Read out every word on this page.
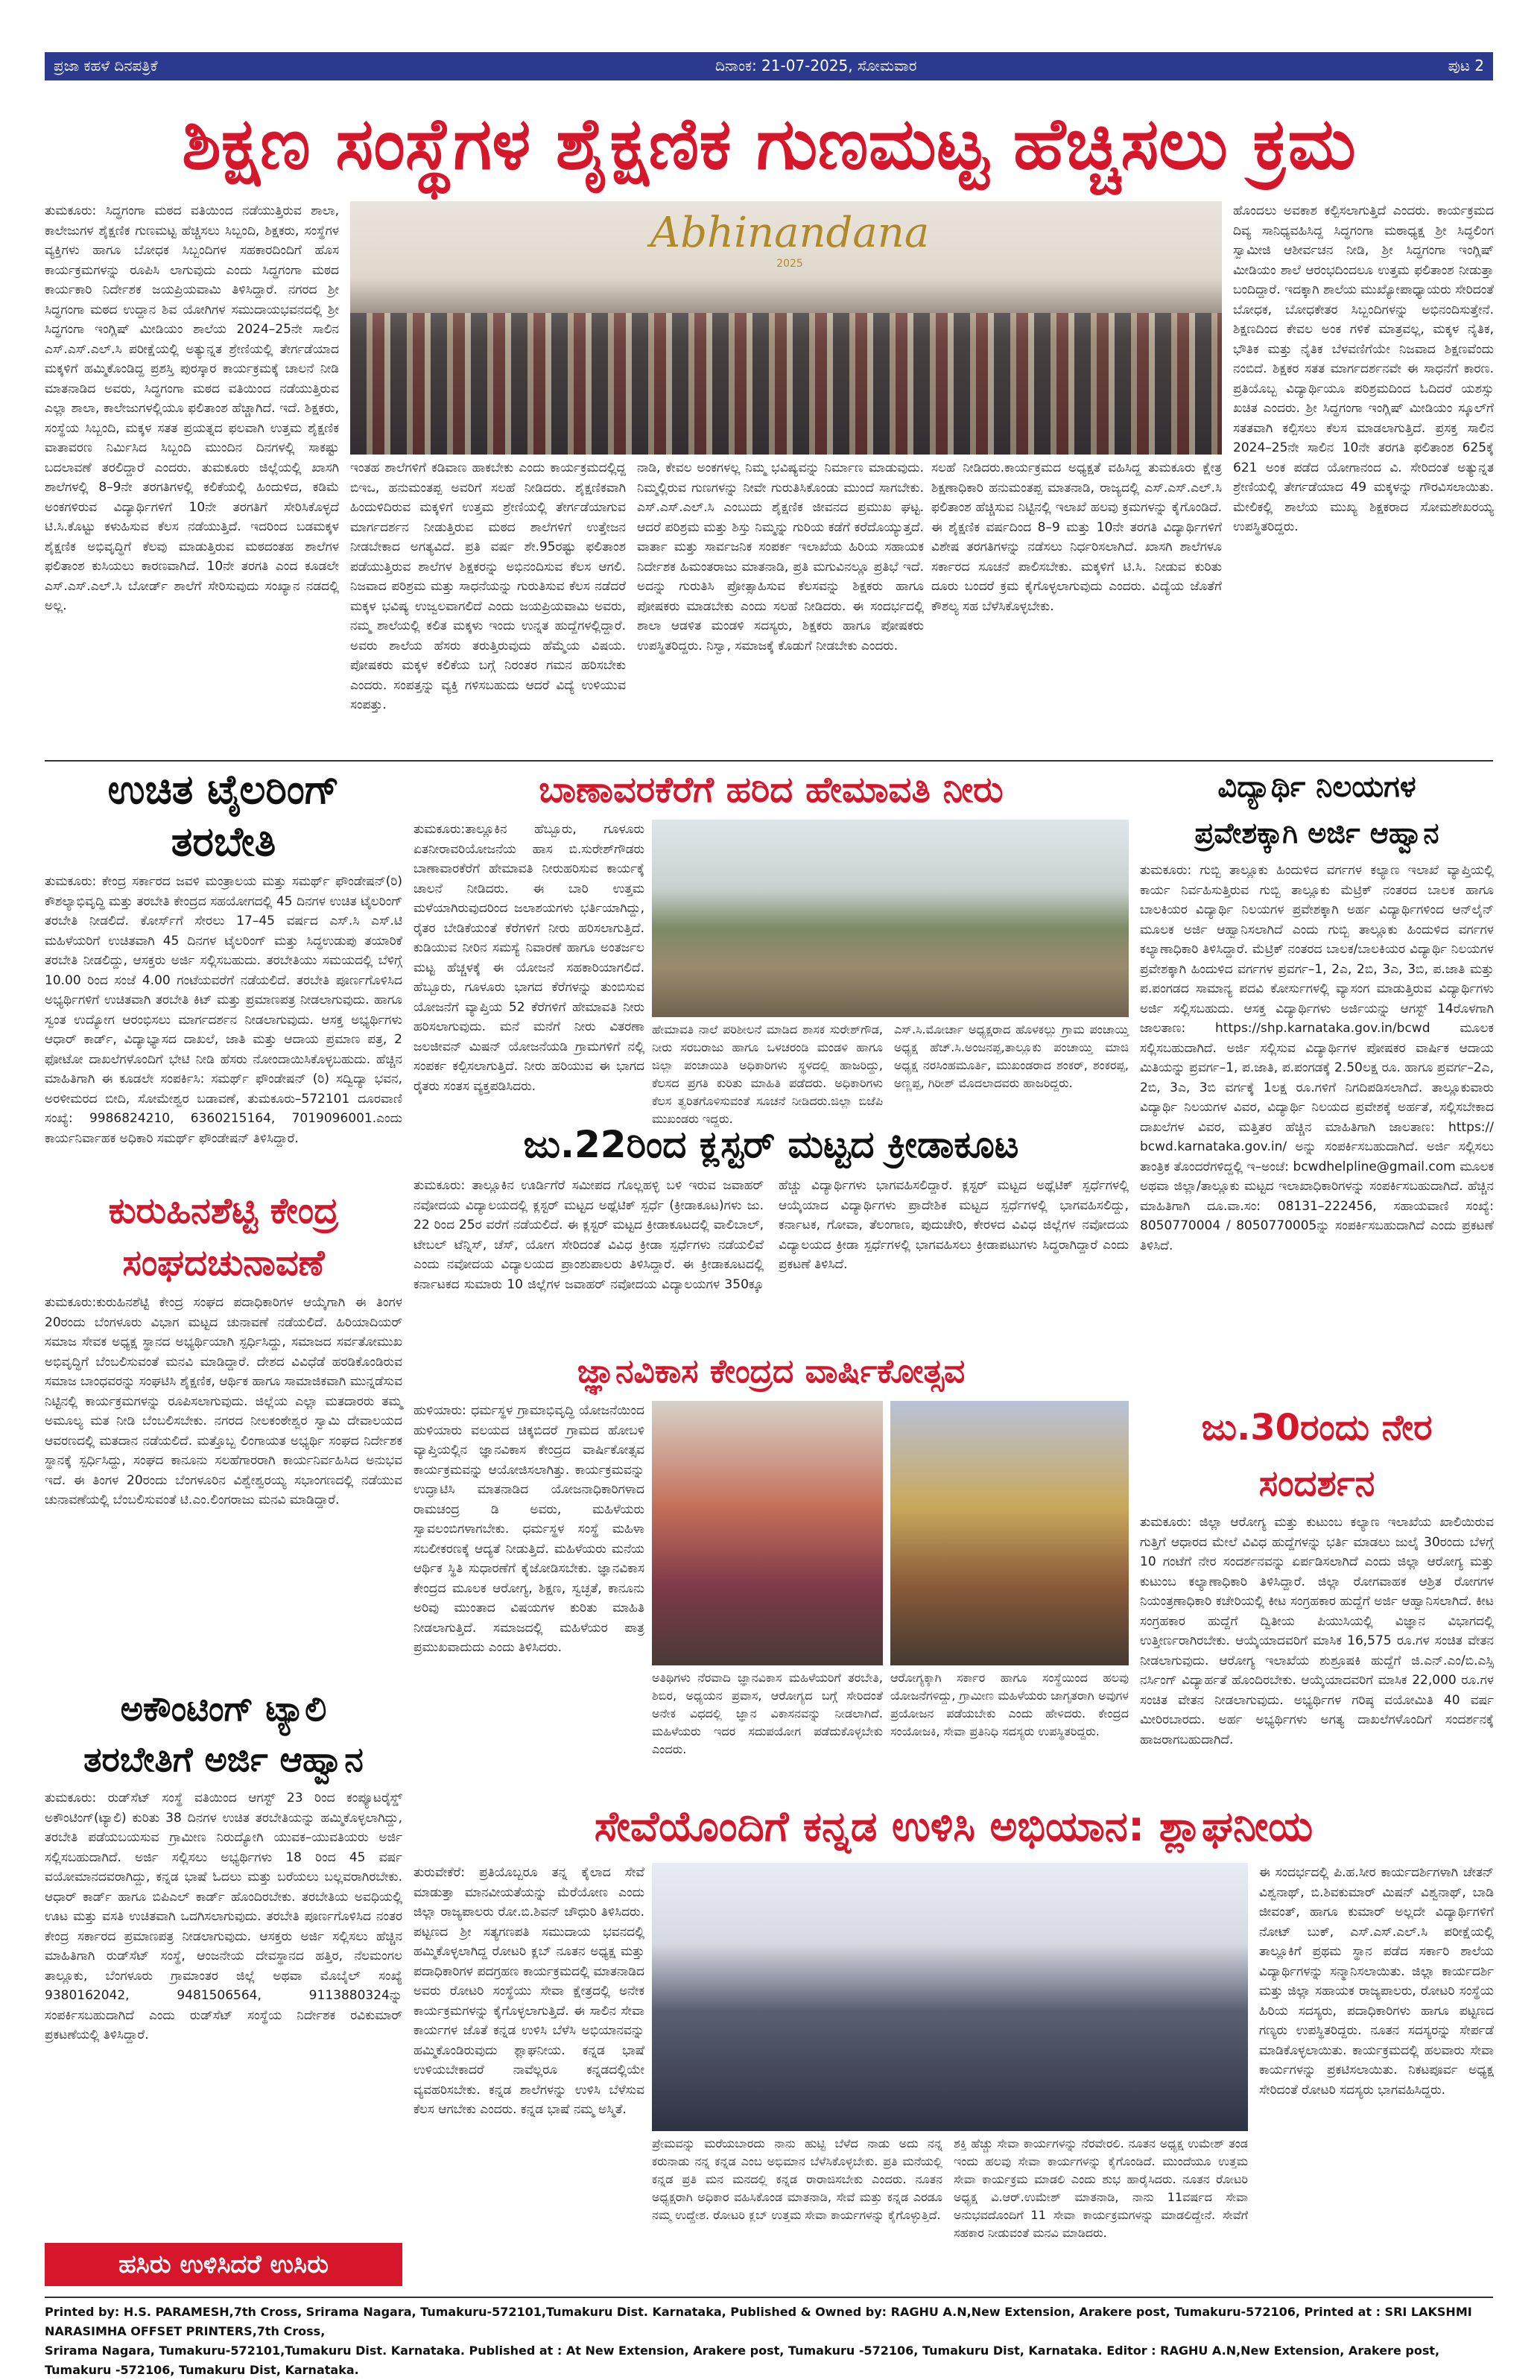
ಪ್ರಜಾ ಕಹಳೆ ದಿನಪತ್ರಿಕೆ	ದಿನಾಂಕ: 21-07-2025, ಸೋಮವಾರ	ಪುಟ 2
ಶಿಕ್ಷಣ ಸಂಸ್ಥೆಗಳ ಶೈಕ್ಷಣಿಕ ಗುಣಮಟ್ಟ ಹೆಚ್ಚಿಸಲು ಕ್ರಮ
ತುಮಕೂರು: ಸಿದ್ಧಗಂಗಾ ಮಠದ ವತಿಯಿಂದ ನಡೆಯುತ್ತಿರುವ ಶಾಲಾ, ಕಾಲೇಜುಗಳ ಶೈಕ್ಷಣಿಕ ಗುಣಮಟ್ಟ ಹೆಚ್ಚಿಸಲು ಸಿಬ್ಬಂದಿ, ಶಿಕ್ಷಕರು, ಸಂಸ್ಥೆಗಳ ವ್ಯಕ್ತಿಗಳು ಹಾಗೂ ಬೋಧಕ ಸಿಬ್ಬಂದಿಗಳ ಸಹಕಾರದಿಂದಿಗೆ ಹೊಸ ಕಾರ್ಯಕ್ರಮಗಳನ್ನು ರೂಪಿಸಿ ಲಾಗುವುದು ಎಂದು ಸಿದ್ಧಗಂಗಾ ಮಠದ ಕಾರ್ಯಕಾರಿ ನಿರ್ದೇಶಕ ಜಯಪ್ರಿಯವಾಮಿ ತಿಳಿಸಿದ್ದಾರೆ. ನಗರದ ಶ್ರೀ ಸಿದ್ಧಗಂಗಾ ಮಠದ ಉದ್ದಾನ ಶಿವ ಯೋಗಿಗಳ ಸಮುದಾಯಭವನದಲ್ಲಿ ಶ್ರೀ ಸಿದ್ಧಗಂಗಾ ಇಂಗ್ಲಿಷ್ ಮೀಡಿಯಂ ಶಾಲೆಯ 2024–25ನೇ ಸಾಲಿನ ಎಸ್.ಎಸ್.ಎಲ್.ಸಿ ಪರೀಕ್ಷೆಯಲ್ಲಿ ಅತ್ಯುನ್ನತ ಶ್ರೇಣಿಯಲ್ಲಿ ತೇರ್ಗಡೆಯಾದ ಮಕ್ಕಳಿಗೆ ಹಮ್ಮಿಕೊಂಡಿದ್ದ ಪ್ರಶಸ್ತಿ ಪುರಸ್ಕಾರ ಕಾರ್ಯಕ್ರಮಕ್ಕೆ ಚಾಲನೆ ನೀಡಿ ಮಾತನಾಡಿದ ಅವರು, ಸಿದ್ಧಗಂಗಾ ಮಠದ ವತಿಯಿಂದ ನಡೆಯುತ್ತಿರುವ ಎಲ್ಲಾ ಶಾಲಾ, ಕಾಲೇಜುಗಳಲ್ಲಿಯೂ ಫಲಿತಾಂಶ ಹೆಚ್ಚಾಗಿದೆ. ಇದೆ. ಶಿಕ್ಷಕರು, ಸಂಸ್ಥೆಯ ಸಿಬ್ಬಂದಿ, ಮಕ್ಕಳ ಸತತ ಪ್ರಯತ್ನದ ಫಲವಾಗಿ ಉತ್ತಮ ಶೈಕ್ಷಣಿಕ ವಾತಾವರಣ ನಿರ್ಮಿಸಿದ ಸಿಬ್ಬಂದಿ ಮುಂದಿನ ದಿನಗಳಲ್ಲಿ ಸಾಕಷ್ಟು ಬದಲಾವಣೆ ತರಲಿದ್ದಾರೆ ಎಂದರು. ತುಮಕೂರು ಜಿಲ್ಲೆಯಲ್ಲಿ ಖಾಸಗಿ ಶಾಲೆಗಳಲ್ಲಿ 8–9ನೇ ತರಗತಿಗಳಲ್ಲಿ ಕಲಿಕೆಯಲ್ಲಿ ಹಿಂದುಳಿದ, ಕಡಿಮೆ ಅಂಕಗಳಿರುವ ವಿದ್ಯಾರ್ಥಿಗಳಿಗೆ 10ನೇ ತರಗತಿಗೆ ಸೇರಿಸಿಕೊಳ್ಳದೆ ಟಿ.ಸಿ.ಕೊಟ್ಟು ಕಳುಹಿಸುವ ಕೆಲಸ ನಡೆಯುತ್ತಿದೆ. ಇದರಿಂದ ಬಡಮಕ್ಕಳ ಶೈಕ್ಷಣಿಕ ಅಭಿವೃದ್ಧಿಗೆ ಕೆಲವು ಮಾಡುತ್ತಿರುವ ಮಠದಂತಹ ಶಾಲೆಗಳ ಫಲಿತಾಂಶ ಕುಸಿಯಲು ಕಾರಣವಾಗಿದೆ. 10ನೇ ತರಗತಿ ಎಂದ ಕೂಡಲೇ ಎಸ್.ಎಸ್.ಎಲ್.ಸಿ ಬೋರ್ಡ್ ಶಾಲೆಗೆ ಸೇರಿಸುವುದು ಸಂಖ್ಯಾನ ನಡದಲ್ಲಿ ಅಲ್ಲ.
Abhinandana
2025
ಇಂತಹ ಶಾಲೆಗಳಿಗೆ ಕಡಿವಾಣ ಹಾಕಬೇಕು ಎಂದು ಕಾರ್ಯಕ್ರಮದಲ್ಲಿದ್ದ ಬಿಇಒ, ಹನುಮಂತಪ್ಪ ಅವರಿಗೆ ಸಲಹೆ ನೀಡಿದರು. ಶೈಕ್ಷಣಿಕವಾಗಿ ಹಿಂದುಳಿದಿರುವ ಮಕ್ಕಳಿಗೆ ಉತ್ತಮ ಶ್ರೇಣಿಯಲ್ಲಿ ತೇರ್ಗಡೆಯಾಗುವ ಮಾರ್ಗದರ್ಶನ ನೀಡುತ್ತಿರುವ ಮಠದ ಶಾಲೆಗಳಿಗೆ ಉತ್ತೇಜನ ನೀಡಬೇಕಾದ ಅಗತ್ಯವಿದೆ. ಪ್ರತಿ ವರ್ಷ ಶೇ.95ರಷ್ಟು ಫಲಿತಾಂಶ ಪಡೆಯುತ್ತಿರುವ ಶಾಲೆಗಳ ಶಿಕ್ಷಕರನ್ನು ಅಭಿನಂದಿಸುವ ಕೆಲಸ ಆಗಲಿ. ನಿಜವಾದ ಪರಿಶ್ರಮ ಮತ್ತು ಸಾಧನೆಯನ್ನು ಗುರುತಿಸುವ ಕೆಲಸ ನಡೆದರೆ ಮಕ್ಕಳ ಭವಿಷ್ಯ ಉಜ್ವಲವಾಗಲಿದೆ ಎಂದು ಜಯಪ್ರಿಯವಾಮಿ ಅವರು, ನಮ್ಮ ಶಾಲೆಯಲ್ಲಿ ಕಲಿತ ಮಕ್ಕಳು ಇಂದು ಉನ್ನತ ಹುದ್ದೆಗಳಲ್ಲಿದ್ದಾರೆ. ಅವರು ಶಾಲೆಯ ಹೆಸರು ತರುತ್ತಿರುವುದು ಹೆಮ್ಮೆಯ ವಿಷಯ. ಪೋಷಕರು ಮಕ್ಕಳ ಕಲಿಕೆಯ ಬಗ್ಗೆ ನಿರಂತರ ಗಮನ ಹರಿಸಬೇಕು ಎಂದರು. ಸಂಪತ್ತನ್ನು ವ್ಯಕ್ತಿ ಗಳಿಸಬಹುದು ಆದರೆ ವಿದ್ಯೆ ಉಳಿಯುವ ಸಂಪತ್ತು.
ನಾಡಿ, ಕೇವಲ ಅಂಕಗಳಲ್ಲ ನಿಮ್ಮ ಭವಿಷ್ಯವನ್ನು ನಿರ್ಮಾಣ ಮಾಡುವುದು. ನಿಮ್ಮಲ್ಲಿರುವ ಗುಣಗಳನ್ನು ನೀವೇ ಗುರುತಿಸಿಕೊಂಡು ಮುಂದೆ ಸಾಗಬೇಕು. ಎಸ್.ಎಸ್.ಎಲ್.ಸಿ ಎಂಬುದು ಶೈಕ್ಷಣಿಕ ಜೀವನದ ಪ್ರಮುಖ ಘಟ್ಟ. ಆದರೆ ಪರಿಶ್ರಮ ಮತ್ತು ಶಿಸ್ತು ನಿಮ್ಮನ್ನು ಗುರಿಯ ಕಡೆಗೆ ಕರೆದೊಯ್ಯುತ್ತದೆ. ವಾರ್ತಾ ಮತ್ತು ಸಾರ್ವಜನಿಕ ಸಂಪರ್ಕ ಇಲಾಖೆಯ ಹಿರಿಯ ಸಹಾಯಕ ನಿರ್ದೇಶಕ ಹಿಮಂತರಾಜು ಮಾತನಾಡಿ, ಪ್ರತಿ ಮಗುವಿನಲ್ಲೂ ಪ್ರತಿಭೆ ಇದೆ. ಅದನ್ನು ಗುರುತಿಸಿ ಪ್ರೋತ್ಸಾಹಿಸುವ ಕೆಲಸವನ್ನು ಶಿಕ್ಷಕರು ಹಾಗೂ ಪೋಷಕರು ಮಾಡಬೇಕು ಎಂದು ಸಲಹೆ ನೀಡಿದರು. ಈ ಸಂದರ್ಭದಲ್ಲಿ ಶಾಲಾ ಆಡಳಿತ ಮಂಡಳಿ ಸದಸ್ಯರು, ಶಿಕ್ಷಕರು ಹಾಗೂ ಪೋಷಕರು ಉಪಸ್ಥಿತರಿದ್ದರು. ನಿಸ್ವಾ, ಸಮಾಜಕ್ಕೆ ಕೊಡುಗೆ ನೀಡಬೇಕು ಎಂದರು.
ಸಲಹೆ ನೀಡಿದರು.ಕಾರ್ಯಕ್ರಮದ ಅಧ್ಯಕ್ಷತೆ ವಹಿಸಿದ್ದ ತುಮಕೂರು ಕ್ಷೇತ್ರ ಶಿಕ್ಷಣಾಧಿಕಾರಿ ಹನುಮಂತಪ್ಪ ಮಾತನಾಡಿ, ರಾಜ್ಯದಲ್ಲಿ ಎಸ್.ಎಸ್.ಎಲ್.ಸಿ ಫಲಿತಾಂಶ ಹೆಚ್ಚಿಸುವ ನಿಟ್ಟಿನಲ್ಲಿ ಇಲಾಖೆ ಹಲವು ಕ್ರಮಗಳನ್ನು ಕೈಗೊಂಡಿದೆ. ಈ ಶೈಕ್ಷಣಿಕ ವರ್ಷದಿಂದ 8–9 ಮತ್ತು 10ನೇ ತರಗತಿ ವಿದ್ಯಾರ್ಥಿಗಳಿಗೆ ವಿಶೇಷ ತರಗತಿಗಳನ್ನು ನಡೆಸಲು ನಿರ್ಧರಿಸಲಾಗಿದೆ. ಖಾಸಗಿ ಶಾಲೆಗಳೂ ಸರ್ಕಾರದ ಸೂಚನೆ ಪಾಲಿಸಬೇಕು. ಮಕ್ಕಳಿಗೆ ಟಿ.ಸಿ. ನೀಡುವ ಕುರಿತು ದೂರು ಬಂದರೆ ಕ್ರಮ ಕೈಗೊಳ್ಳಲಾಗುವುದು ಎಂದರು. ವಿದ್ಯೆಯ ಜೊತೆಗೆ ಕೌಶಲ್ಯ ಸಹ ಬೆಳೆಸಿಕೊಳ್ಳಬೇಕು.
ಹೊಂದಲು ಅವಕಾಶ ಕಲ್ಪಿಸಲಾಗುತ್ತಿದೆ ಎಂದರು. ಕಾರ್ಯಕ್ರಮದ ದಿವ್ಯ ಸಾನಿಧ್ಯವಹಿಸಿದ್ದ ಸಿದ್ಧಗಂಗಾ ಮಠಾಧ್ಯಕ್ಷ ಶ್ರೀ ಸಿದ್ಧಲಿಂಗ ಸ್ವಾಮೀಜಿ ಆಶೀರ್ವಚನ ನೀಡಿ, ಶ್ರೀ ಸಿದ್ಧಗಂಗಾ ಇಂಗ್ಲಿಷ್ ಮೀಡಿಯಂ ಶಾಲೆ ಆರಂಭದಿಂದಲೂ ಉತ್ತಮ ಫಲಿತಾಂಶ ನೀಡುತ್ತಾ ಬಂದಿದ್ದಾರೆ. ಇದಕ್ಕಾಗಿ ಶಾಲೆಯ ಮುಖ್ಯೋಪಾಧ್ಯಾಯರು ಸೇರಿದಂತೆ ಬೋಧಕ, ಬೋಧಕೇತರ ಸಿಬ್ಬಂದಿಗಳನ್ನು ಅಭಿನಂದಿಸುತ್ತೇನೆ. ಶಿಕ್ಷಣದಿಂದ ಕೇವಲ ಅಂಕ ಗಳಿಕೆ ಮಾತ್ರವಲ್ಲ, ಮಕ್ಕಳ ನೈತಿಕ, ಭೌತಿಕ ಮತ್ತು ನೈತಿಕ ಬೆಳವಣಿಗೆಯೇ ನಿಜವಾದ ಶಿಕ್ಷಣವೆಂದು ನಂಬಿದೆ. ಶಿಕ್ಷಕರ ಸತತ ಮಾರ್ಗದರ್ಶನವೇ ಈ ಸಾಧನೆಗೆ ಕಾರಣ. ಪ್ರತಿಯೊಬ್ಬ ವಿದ್ಯಾರ್ಥಿಯೂ ಪರಿಶ್ರಮದಿಂದ ಓದಿದರೆ ಯಶಸ್ಸು ಖಚಿತ ಎಂದರು. ಶ್ರೀ ಸಿದ್ಧಗಂಗಾ ಇಂಗ್ಲಿಷ್ ಮೀಡಿಯಂ ಸ್ಕೂಲ್‌ಗೆ ಸತತವಾಗಿ ಕಲ್ಪಿಸಲು ಕೆಲಸ ಮಾಡಲಾಗುತ್ತಿದೆ. ಪ್ರಸಕ್ತ ಸಾಲಿನ 2024–25ನೇ ಸಾಲಿನ 10ನೇ ತರಗತಿ ಫಲಿತಾಂಶ 625ಕ್ಕೆ 621 ಅಂಕ ಪಡೆದ ಯೋಗಾನಂದ ವಿ. ಸೇರಿದಂತೆ ಅತ್ಯುನ್ನತ ಶ್ರೇಣಿಯಲ್ಲಿ ತೇರ್ಗಡೆಯಾದ 49 ಮಕ್ಕಳನ್ನು ಗೌರವಿಸಲಾಯಿತು. ಮೇಲಿಕಲ್ಲಿ ಶಾಲೆಯ ಮುಖ್ಯ ಶಿಕ್ಷಕರಾದ ಸೋಮಶೇಖರಯ್ಯ ಉಪಸ್ಥಿತರಿದ್ದರು.
ಉಚಿತ ಟೈಲರಿಂಗ್
ತರಬೇತಿ
ತುಮಕೂರು: ಕೇಂದ್ರ ಸರ್ಕಾರದ ಜವಳಿ ಮಂತ್ರಾಲಯ ಮತ್ತು ಸಮರ್ಥ್ ಫೌಂಡೇಷನ್(ರಿ) ಕೌಶಲ್ಯಾಭಿವೃದ್ಧಿ ಮತ್ತು ತರಬೇತಿ ಕೇಂದ್ರದ ಸಹಯೋಗದಲ್ಲಿ 45 ದಿನಗಳ ಉಚಿತ ಟೈಲರಿಂಗ್ ತರಬೇತಿ ನೀಡಲಿದೆ. ಕೋರ್ಸ್‌ಗೆ ಸೇರಲು 17–45 ವರ್ಷದ ಎಸ್.ಸಿ ಎಸ್.ಟಿ ಮಹಿಳೆಯರಿಗೆ ಉಚಿತವಾಗಿ 45 ದಿನಗಳ ಟೈಲರಿಂಗ್ ಮತ್ತು ಸಿದ್ಧಉಡುಪು ತಯಾರಿಕೆ ತರಬೇತಿ ನೀಡಲಿದ್ದು, ಆಸಕ್ತರು ಅರ್ಜಿ ಸಲ್ಲಿಸಬಹುದು. ತರಬೇತಿಯು ಸಮಯದಲ್ಲಿ ಬೆಳಿಗ್ಗೆ 10.00 ರಿಂದ ಸಂಜೆ 4.00 ಗಂಟೆಯವರೆಗೆ ನಡೆಯಲಿದೆ. ತರಬೇತಿ ಪೂರ್ಣಗೊಳಿಸಿದ ಅಭ್ಯರ್ಥಿಗಳಿಗೆ ಉಚಿತವಾಗಿ ತರಬೇತಿ ಕಿಟ್ ಮತ್ತು ಪ್ರಮಾಣಪತ್ರ ನೀಡಲಾಗುವುದು. ಹಾಗೂ ಸ್ವಂತ ಉದ್ಯೋಗ ಆರಂಭಿಸಲು ಮಾರ್ಗದರ್ಶನ ನೀಡಲಾಗುವುದು. ಆಸಕ್ತ ಅಭ್ಯರ್ಥಿಗಳು ಆಧಾರ್ ಕಾರ್ಡ್, ವಿದ್ಯಾಭ್ಯಾಸದ ದಾಖಲೆ, ಜಾತಿ ಮತ್ತು ಆದಾಯ ಪ್ರಮಾಣ ಪತ್ರ, 2 ಫೋಟೋ ದಾಖಲೆಗಳೊಂದಿಗೆ ಭೇಟಿ ನೀಡಿ ಹೆಸರು ನೋಂದಾಯಿಸಿಕೊಳ್ಳಬಹುದು. ಹೆಚ್ಚಿನ ಮಾಹಿತಿಗಾಗಿ ಈ ಕೂಡಲೇ ಸಂಪರ್ಕಿಸಿ: ಸಮರ್ಥ್ ಫೌಂಡೇಷನ್ (ರಿ) ಸದ್ವಿದ್ಯಾ ಭವನ, ಅರಳೀಮರದ ಬೀದಿ, ಸೋಮೇಶ್ವರ ಬಡಾವಣೆ, ತುಮಕೂರು–572101 ದೂರವಾಣಿ ಸಂಖ್ಯೆ: 9986824210, 6360215164, 7019096001.ಎಂದು ಕಾರ್ಯನಿರ್ವಾಹಕ ಅಧಿಕಾರಿ ಸಮರ್ಥ್ ಫೌಂಡೇಷನ್ ತಿಳಿಸಿದ್ದಾರೆ.
ಕುರುಹಿನಶೆಟ್ಟಿ ಕೇಂದ್ರ
ಸಂಘದಚುನಾವಣೆ
ತುಮಕೂರು:ಕುರುಹಿನಶೆಟ್ಟಿ ಕೇಂದ್ರ ಸಂಘದ ಪದಾಧಿಕಾರಿಗಳ ಆಯ್ಕೆಗಾಗಿ ಈ ತಿಂಗಳ 20ರಂದು ಬೆಂಗಳೂರು ವಿಭಾಗ ಮಟ್ಟದ ಚುನಾವಣೆ ನಡೆಯಲಿದೆ. ಹಿರಿಯಾದಿಯರ್ ಸಮಾಜ ಸೇವಕ ಅಧ್ಯಕ್ಷ ಸ್ಥಾನದ ಅಭ್ಯರ್ಥಿಯಾಗಿ ಸ್ಪರ್ಧಿಸಿದ್ದು, ಸಮಾಜದ ಸರ್ವತೋಮುಖ ಅಭಿವೃದ್ಧಿಗೆ ಬೆಂಬಲಿಸುವಂತೆ ಮನವಿ ಮಾಡಿದ್ದಾರೆ. ದೇಶದ ವಿವಿಧೆಡೆ ಹರಡಿಕೊಂಡಿರುವ ಸಮಾಜ ಬಾಂಧವರನ್ನು ಸಂಘಟಿಸಿ ಶೈಕ್ಷಣಿಕ, ಆರ್ಥಿಕ ಹಾಗೂ ಸಾಮಾಜಿಕವಾಗಿ ಮುನ್ನಡೆಸುವ ನಿಟ್ಟಿನಲ್ಲಿ ಕಾರ್ಯಕ್ರಮಗಳನ್ನು ರೂಪಿಸಲಾಗುವುದು. ಜಿಲ್ಲೆಯ ಎಲ್ಲಾ ಮತದಾರರು ತಮ್ಮ ಅಮೂಲ್ಯ ಮತ ನೀಡಿ ಬೆಂಬಲಿಸಬೇಕು. ನಗರದ ನೀಲಕಂಠೇಶ್ವರ ಸ್ವಾಮಿ ದೇವಾಲಯದ ಆವರಣದಲ್ಲಿ ಮತದಾನ ನಡೆಯಲಿದೆ. ಮತ್ತೊಬ್ಬ ಲಿಂಗಾಯತ ಅಭ್ಯರ್ಥಿ ಸಂಘದ ನಿರ್ದೇಶಕ ಸ್ಥಾನಕ್ಕೆ ಸ್ಪರ್ಧಿಸಿದ್ದು, ಸಂಘದ ಕಾನೂನು ಸಲಹೆಗಾರರಾಗಿ ಕಾರ್ಯನಿರ್ವಹಿಸಿದ ಅನುಭವ ಇದೆ. ಈ ತಿಂಗಳ 20ರಂದು ಬೆಂಗಳೂರಿನ ವಿಶ್ವೇಶ್ವರಯ್ಯ ಸಭಾಂಗಣದಲ್ಲಿ ನಡೆಯುವ ಚುನಾವಣೆಯಲ್ಲಿ ಬೆಂಬಲಿಸುವಂತೆ ಟಿ.ಎಂ.ಲಿಂಗರಾಜು ಮನವಿ ಮಾಡಿದ್ದಾರೆ.
ಅಕೌಂಟಿಂಗ್ ಟ್ಯಾಲಿ
ತರಬೇತಿಗೆ ಅರ್ಜಿ ಆಹ್ವಾನ
ತುಮಕೂರು: ರುಡ್‌ಸೆಟ್ ಸಂಸ್ಥೆ ವತಿಯಿಂದ ಆಗಸ್ಟ್ 23 ರಿಂದ ಕಂಪ್ಯೂಟರೈಸ್ಡ್ ಅಕೌಂಟಿಂಗ್(ಟ್ಯಾಲಿ) ಕುರಿತು 38 ದಿನಗಳ ಉಚಿತ ತರಬೇತಿಯನ್ನು ಹಮ್ಮಿಕೊಳ್ಳಲಾಗಿದ್ದು, ತರಬೇತಿ ಪಡೆಯಬಯಸುವ ಗ್ರಾಮೀಣ ನಿರುದ್ಯೋಗಿ ಯುವಕ–ಯುವತಿಯರು ಅರ್ಜಿ ಸಲ್ಲಿಸಬಹುದಾಗಿದೆ. ಅರ್ಜಿ ಸಲ್ಲಿಸಲು ಅಭ್ಯರ್ಥಿಗಳು 18 ರಿಂದ 45 ವರ್ಷ ವಯೋಮಾನದವರಾಗಿದ್ದು, ಕನ್ನಡ ಭಾಷೆ ಓದಲು ಮತ್ತು ಬರೆಯಲು ಬಲ್ಲವರಾಗಿರಬೇಕು. ಆಧಾರ್ ಕಾರ್ಡ್ ಹಾಗೂ ಬಿಪಿಎಲ್ ಕಾರ್ಡ್ ಹೊಂದಿರಬೇಕು. ತರಬೇತಿಯ ಅವಧಿಯಲ್ಲಿ ಊಟ ಮತ್ತು ವಸತಿ ಉಚಿತವಾಗಿ ಒದಗಿಸಲಾಗುವುದು. ತರಬೇತಿ ಪೂರ್ಣಗೊಳಿಸಿದ ನಂತರ ಕೇಂದ್ರ ಸರ್ಕಾರದ ಪ್ರಮಾಣಪತ್ರ ನೀಡಲಾಗುವುದು. ಆಸಕ್ತರು ಅರ್ಜಿ ಸಲ್ಲಿಸಲು ಹೆಚ್ಚಿನ ಮಾಹಿತಿಗಾಗಿ ರುಡ್‌ಸೆಟ್ ಸಂಸ್ಥೆ, ಆಂಜನೇಯ ದೇವಸ್ಥಾನದ ಹತ್ತಿರ, ನೆಲಮಂಗಲ ತಾಲ್ಲೂಕು, ಬೆಂಗಳೂರು ಗ್ರಾಮಾಂತರ ಜಿಲ್ಲೆ ಅಥವಾ ಮೊಬೈಲ್ ಸಂಖ್ಯೆ 9380162042, 9481506564, 9113880324ನ್ನು ಸಂಪರ್ಕಿಸಬಹುದಾಗಿದೆ ಎಂದು ರುಡ್‌ಸೆಟ್ ಸಂಸ್ಥೆಯ ನಿರ್ದೇಶಕ ರವಿಕುಮಾರ್ ಪ್ರಕಟಣೆಯಲ್ಲಿ ತಿಳಿಸಿದ್ದಾರೆ.
ಹಸಿರು ಉಳಿಸಿದರೆ ಉಸಿರು
ಬಾಣಾವರಕೆರೆಗೆ ಹರಿದ ಹೇಮಾವತಿ ನೀರು
ತುಮಕೂರು:ತಾಲ್ಲೂಕಿನ ಹೆಬ್ಬೂರು, ಗೂಳೂರು ಏತನೀರಾವರಿಯೋಜನೆಯ ಹಾಸ ಬಿ.ಸುರೇಶ್‌ಗೌಡರು ಬಾಣಾವಾರಕೆರೆಗೆ ಹೇಮಾವತಿ ನೀರುಹರಿಸುವ ಕಾರ್ಯಕ್ಕೆ ಚಾಲನೆ ನೀಡಿದರು. ಈ ಬಾರಿ ಉತ್ತಮ ಮಳೆಯಾಗಿರುವುದರಿಂದ ಜಲಾಶಯಗಳು ಭರ್ತಿಯಾಗಿದ್ದು, ರೈತರ ಬೇಡಿಕೆಯಂತೆ ಕೆರೆಗಳಿಗೆ ನೀರು ಹರಿಸಲಾಗುತ್ತಿದೆ. ಕುಡಿಯುವ ನೀರಿನ ಸಮಸ್ಯೆ ನಿವಾರಣೆ ಹಾಗೂ ಅಂತರ್ಜಲ ಮಟ್ಟ ಹೆಚ್ಚಳಕ್ಕೆ ಈ ಯೋಜನೆ ಸಹಕಾರಿಯಾಗಲಿದೆ. ಹೆಬ್ಬೂರು, ಗೂಳೂರು ಭಾಗದ ಕೆರೆಗಳನ್ನು ತುಂಬಿಸುವ ಯೋಜನೆಗೆ ವ್ಯಾಪ್ತಿಯ 52 ಕೆರೆಗಳಿಗೆ ಹೇಮಾವತಿ ನೀರು ಹರಿಸಲಾಗುವುದು. ಮನೆ ಮನೆಗೆ ನೀರು ವಿತರಣಾ ಜಲಜೀವನ್ ಮಿಷನ್ ಯೋಜನೆಯಡಿ ಗ್ರಾಮಗಳಿಗೆ ನಲ್ಲಿ ಸಂಪರ್ಕ ಕಲ್ಪಿಸಲಾಗುತ್ತಿದೆ. ನೀರು ಹರಿಯುವ ಈ ಭಾಗದ ರೈತರು ಸಂತಸ ವ್ಯಕ್ತಪಡಿಸಿದರು.
ಹೇಮಾವತಿ ನಾಲೆ ಪರಿಶೀಲನೆ ಮಾಡಿದ ಶಾಸಕ ಸುರೇಶ್‌ಗೌಡ, ನೀರು ಸರಬರಾಜು ಹಾಗೂ ಒಳಚರಂಡಿ ಮಂಡಳಿ ಹಾಗೂ ಜಿಲ್ಲಾ ಪಂಚಾಯಿತಿ ಅಧಿಕಾರಿಗಳು ಸ್ಥಳದಲ್ಲಿ ಹಾಜರಿದ್ದು, ಕೆಲಸದ ಪ್ರಗತಿ ಕುರಿತು ಮಾಹಿತಿ ಪಡೆದರು. ಅಧಿಕಾರಿಗಳು ಕೆಲಸ ತ್ವರಿತಗೊಳಿಸುವಂತೆ ಸೂಚನೆ ನೀಡಿದರು.ಜಿಲ್ಲಾ ಬಿಜೆಪಿ ಮುಖಂಡರು ಇದ್ದರು.
ಎಸ್.ಸಿ.ಮೋರ್ಚಾ ಅಧ್ಯಕ್ಷರಾದ ಹೊಳಕಲ್ಲು ಗ್ರಾಮ ಪಂಚಾಯ್ತಿ ಅಧ್ಯಕ್ಷ ಹೆಚ್.ಸಿ.ಅಂಜನಪ್ಪ,ತಾಲ್ಲೂಕು ಪಂಚಾಯ್ತಿ ಮಾಜಿ ಅಧ್ಯಕ್ಷ ನರಸಿಂಹಮೂರ್ತಿ, ಮುಖಂಡರಾದ ಶಂಕರ್, ಶಂಕರಪ್ಪ, ಅಣ್ಣಪ್ಪ, ಗಿರೀಶ್ ಮೊದಲಾದವರು ಹಾಜರಿದ್ದರು.
ಜು.22ರಿಂದ ಕ್ಲಸ್ಟರ್ ಮಟ್ಟದ ಕ್ರೀಡಾಕೂಟ
ತುಮಕೂರು: ತಾಲ್ಲೂಕಿನ ಊರ್ಡಿಗೆರೆ ಸಮೀಪದ ಗೊಲ್ಲಹಳ್ಳಿ ಬಳಿ ಇರುವ ಜವಾಹರ್ ನವೋದಯ ವಿದ್ಯಾಲಯದಲ್ಲಿ ಕ್ಲಸ್ಟರ್ ಮಟ್ಟದ ಅಥ್ಲೆಟಿಕ್ ಸ್ಪರ್ಧೆ (ಕ್ರೀಡಾಕೂಟ)ಗಳು ಜು. 22 ರಿಂದ 25ರ ವರೆಗೆ ನಡೆಯಲಿದೆ. ಈ ಕ್ಲಸ್ಟರ್ ಮಟ್ಟದ ಕ್ರೀಡಾಕೂಟದಲ್ಲಿ ವಾಲಿಬಾಲ್, ಟೇಬಲ್ ಟೆನ್ನಿಸ್, ಚೆಸ್, ಯೋಗ ಸೇರಿದಂತೆ ವಿವಿಧ ಕ್ರೀಡಾ ಸ್ಪರ್ಧೆಗಳು ನಡೆಯಲಿವೆ ಎಂದು ನವೋದಯ ವಿದ್ಯಾಲಯದ ಪ್ರಾಂಶುಪಾಲರು ತಿಳಿಸಿದ್ದಾರೆ. ಈ ಕ್ರೀಡಾಕೂಟದಲ್ಲಿ ಕರ್ನಾಟಕದ ಸುಮಾರು 10 ಜಿಲ್ಲೆಗಳ ಜವಾಹರ್ ನವೋದಯ ವಿದ್ಯಾಲಯಗಳ 350ಕ್ಕೂ ಹೆಚ್ಚು ವಿದ್ಯಾರ್ಥಿಗಳು ಭಾಗವಹಿಸಲಿದ್ದಾರೆ. ಕ್ಲಸ್ಟರ್ ಮಟ್ಟದ ಅಥ್ಲೆಟಿಕ್ ಸ್ಪರ್ಧೆಗಳಲ್ಲಿ ಆಯ್ಕೆಯಾದ ವಿದ್ಯಾರ್ಥಿಗಳು ಪ್ರಾದೇಶಿಕ ಮಟ್ಟದ ಸ್ಪರ್ಧೆಗಳಲ್ಲಿ ಭಾಗವಹಿಸಲಿದ್ದು, ಕರ್ನಾಟಕ, ಗೋವಾ, ತೆಲಂಗಾಣ, ಪುದುಚೇರಿ, ಕೇರಳದ ವಿವಿಧ ಜಿಲ್ಲೆಗಳ ನವೋದಯ ವಿದ್ಯಾಲಯದ ಕ್ರೀಡಾ ಸ್ಪರ್ಧೆಗಳಲ್ಲಿ ಭಾಗವಹಿಸಲು ಕ್ರೀಡಾಪಟುಗಳು ಸಿದ್ಧರಾಗಿದ್ದಾರೆ ಎಂದು ಪ್ರಕಟಣೆ ತಿಳಿಸಿದೆ.
ಜ್ಞಾನವಿಕಾಸ ಕೇಂದ್ರದ ವಾರ್ಷಿಕೋತ್ಸವ
ಹುಳಿಯಾರು: ಧರ್ಮಸ್ಥಳ ಗ್ರಾಮಾಭಿವೃದ್ಧಿ ಯೋಜನೆಯಿಂದ ಹುಳಿಯಾರು ವಲಯದ ಚಿಕ್ಕಬಿದರೆ ಗ್ರಾಮದ ಹೋಬಳಿ ವ್ಯಾಪ್ತಿಯಲ್ಲಿನ ಜ್ಞಾನವಿಕಾಸ ಕೇಂದ್ರದ ವಾರ್ಷಿಕೋತ್ಸವ ಕಾರ್ಯಕ್ರಮವನ್ನು ಆಯೋಜಿಸಲಾಗಿತ್ತು. ಕಾರ್ಯಕ್ರಮವನ್ನು ಉದ್ಘಾಟಿಸಿ ಮಾತನಾಡಿದ ಯೋಜನಾಧಿಕಾರಿಗಳಾದ ರಾಮಚಂದ್ರ ಡಿ ಅವರು, ಮಹಿಳೆಯರು ಸ್ವಾವಲಂಬಿಗಳಾಗಬೇಕು. ಧರ್ಮಸ್ಥಳ ಸಂಸ್ಥೆ ಮಹಿಳಾ ಸಬಲೀಕರಣಕ್ಕೆ ಆದ್ಯತೆ ನೀಡುತ್ತಿದೆ. ಮಹಿಳೆಯರು ಮನೆಯ ಆರ್ಥಿಕ ಸ್ಥಿತಿ ಸುಧಾರಣೆಗೆ ಕೈಜೋಡಿಸಬೇಕು. ಜ್ಞಾನವಿಕಾಸ ಕೇಂದ್ರದ ಮೂಲಕ ಆರೋಗ್ಯ, ಶಿಕ್ಷಣ, ಸ್ವಚ್ಛತೆ, ಕಾನೂನು ಅರಿವು ಮುಂತಾದ ವಿಷಯಗಳ ಕುರಿತು ಮಾಹಿತಿ ನೀಡಲಾಗುತ್ತಿದೆ. ಸಮಾಜದಲ್ಲಿ ಮಹಿಳೆಯರ ಪಾತ್ರ ಪ್ರಮುಖವಾದುದು ಎಂದು ತಿಳಿಸಿದರು.
ಅತಿಥಿಗಳು ನೆರವಾದಿ ಜ್ಞಾನವಿಕಾಸ ಮಹಿಳೆಯರಿಗೆ ತರಬೇತಿ, ಶಿಬಿರ, ಅಧ್ಯಯನ ಪ್ರವಾಸ, ಆರೋಗ್ಯದ ಬಗ್ಗೆ ಸೇರಿದಂತೆ ಅನೇಕ ವಿಧದಲ್ಲಿ ಜ್ಞಾನ ವಿಕಾಸನವನ್ನು ನೀಡಲಾಗಿದೆ. ಮಹಿಳೆಯರು ಇದರ ಸದುಪಯೋಗ ಪಡೆದುಕೊಳ್ಳಬೇಕು ಎಂದರು.
ಆರೋಗ್ಯಕ್ಕಾಗಿ ಸರ್ಕಾರ ಹಾಗೂ ಸಂಸ್ಥೆಯಿಂದ ಹಲವು ಯೋಜನೆಗಳಿದ್ದು, ಗ್ರಾಮೀಣ ಮಹಿಳೆಯರು ಜಾಗೃತರಾಗಿ ಅವುಗಳ ಪ್ರಯೋಜನ ಪಡೆಯಬೇಕು ಎಂದು ಹೇಳಿದರು. ಕೇಂದ್ರದ ಸಂಯೋಜಕಿ, ಸೇವಾ ಪ್ರತಿನಿಧಿ ಸದಸ್ಯರು ಉಪಸ್ಥಿತರಿದ್ದರು.
ವಿದ್ಯಾರ್ಥಿ ನಿಲಯಗಳ
ಪ್ರವೇಶಕ್ಕಾಗಿ ಅರ್ಜಿ ಆಹ್ವಾನ
ತುಮಕೂರು: ಗುಬ್ಬಿ ತಾಲ್ಲೂಕು ಹಿಂದುಳಿದ ವರ್ಗಗಳ ಕಲ್ಯಾಣ ಇಲಾಖೆ ವ್ಯಾಪ್ತಿಯಲ್ಲಿ ಕಾರ್ಯ ನಿರ್ವಹಿಸುತ್ತಿರುವ ಗುಬ್ಬಿ ತಾಲ್ಲೂಕು ಮೆಟ್ರಿಕ್ ನಂತರದ ಬಾಲಕ ಹಾಗೂ ಬಾಲಕಿಯರ ವಿದ್ಯಾರ್ಥಿ ನಿಲಯಗಳ ಪ್ರವೇಶಕ್ಕಾಗಿ ಅರ್ಹ ವಿದ್ಯಾರ್ಥಿಗಳಿಂದ ಆನ್‌ಲೈನ್ ಮೂಲಕ ಅರ್ಜಿ ಆಹ್ವಾನಿಸಲಾಗಿದೆ ಎಂದು ಗುಬ್ಬಿ ತಾಲ್ಲೂಕು ಹಿಂದುಳಿದ ವರ್ಗಗಳ ಕಲ್ಯಾಣಾಧಿಕಾರಿ ತಿಳಿಸಿದ್ದಾರೆ. ಮೆಟ್ರಿಕ್ ನಂತರದ ಬಾಲಕ/ಬಾಲಕಿಯರ ವಿದ್ಯಾರ್ಥಿ ನಿಲಯಗಳ ಪ್ರವೇಶಕ್ಕಾಗಿ ಹಿಂದುಳಿದ ವರ್ಗಗಳ ಪ್ರವರ್ಗ–1, 2ಎ, 2ಬಿ, 3ಎ, 3ಬಿ, ಪ.ಜಾತಿ ಮತ್ತು ಪ.ಪಂಗಡದ ಸಾಮಾನ್ಯ ಪದವಿ ಕೋರ್ಸುಗಳಲ್ಲಿ ವ್ಯಾಸಂಗ ಮಾಡುತ್ತಿರುವ ವಿದ್ಯಾರ್ಥಿಗಳು ಅರ್ಜಿ ಸಲ್ಲಿಸಬಹುದು. ಆಸಕ್ತ ವಿದ್ಯಾರ್ಥಿಗಳು ಅರ್ಜಿಯನ್ನು ಆಗಸ್ಟ್ 14ರೊಳಗಾಗಿ ಜಾಲತಾಣ: https://shp.karnataka.gov.in/bcwd ಮೂಲಕ ಸಲ್ಲಿಸಬಹುದಾಗಿದೆ. ಅರ್ಜಿ ಸಲ್ಲಿಸುವ ವಿದ್ಯಾರ್ಥಿಗಳ ಪೋಷಕರ ವಾರ್ಷಿಕ ಆದಾಯ ಮಿತಿಯನ್ನು ಪ್ರವರ್ಗ–1, ಪ.ಜಾತಿ, ಪ.ಪಂಗಡಕ್ಕೆ 2.50ಲಕ್ಷ ರೂ. ಹಾಗೂ ಪ್ರವರ್ಗ–2ಎ, 2ಬಿ, 3ಎ, 3ಬಿ ವರ್ಗಕ್ಕೆ 1ಲಕ್ಷ ರೂ.ಗಳಿಗೆ ನಿಗದಿಪಡಿಸಲಾಗಿದೆ. ತಾಲ್ಲೂಕುವಾರು ವಿದ್ಯಾರ್ಥಿ ನಿಲಯಗಳ ವಿವರ, ವಿದ್ಯಾರ್ಥಿ ನಿಲಯದ ಪ್ರವೇಶಕ್ಕೆ ಅರ್ಹತೆ, ಸಲ್ಲಿಸಬೇಕಾದ ದಾಖಲೆಗಳ ವಿವರ, ಮತ್ತಿತರ ಹೆಚ್ಚಿನ ಮಾಹಿತಿಗಾಗಿ ಜಾಲತಾಣ: https:// bcwd.karnataka.gov.in/ ಅನ್ನು ಸಂಪರ್ಕಿಸಬಹುದಾಗಿದೆ. ಅರ್ಜಿ ಸಲ್ಲಿಸಲು ತಾಂತ್ರಿಕ ತೊಂದರೆಗಳಿದ್ದಲ್ಲಿ ಇ–ಅಂಚೆ: bcwdhelpline@gmail.com ಮೂಲಕ ಅಥವಾ ಜಿಲ್ಲಾ/ತಾಲ್ಲೂಕು ಮಟ್ಟದ ಇಲಾಖಾಧಿಕಾರಿಗಳನ್ನು ಸಂಪರ್ಕಿಸಬಹುದಾಗಿದೆ. ಹೆಚ್ಚಿನ ಮಾಹಿತಿಗಾಗಿ ದೂ.ವಾ.ಸಂ: 08131–222456, ಸಹಾಯವಾಣಿ ಸಂಖ್ಯೆ: 8050770004 / 8050770005ನ್ನು ಸಂಪರ್ಕಿಸಬಹುದಾಗಿದೆ ಎಂದು ಪ್ರಕಟಣೆ ತಿಳಿಸಿದೆ.
ಜು.30ರಂದು ನೇರ
ಸಂದರ್ಶನ
ತುಮಕೂರು: ಜಿಲ್ಲಾ ಆರೋಗ್ಯ ಮತ್ತು ಕುಟುಂಬ ಕಲ್ಯಾಣ ಇಲಾಖೆಯ ಖಾಲಿಯಿರುವ ಗುತ್ತಿಗೆ ಆಧಾರದ ಮೇಲೆ ವಿವಿಧ ಹುದ್ದೆಗಳನ್ನು ಭರ್ತಿ ಮಾಡಲು ಜುಲೈ 30ರಂದು ಬೆಳಗ್ಗೆ 10 ಗಂಟೆಗೆ ನೇರ ಸಂದರ್ಶನವನ್ನು ಏರ್ಪಡಿಸಲಾಗಿದೆ ಎಂದು ಜಿಲ್ಲಾ ಆರೋಗ್ಯ ಮತ್ತು ಕುಟುಂಬ ಕಲ್ಯಾಣಾಧಿಕಾರಿ ತಿಳಿಸಿದ್ದಾರೆ. ಜಿಲ್ಲಾ ರೋಗವಾಹಕ ಆಶ್ರಿತ ರೋಗಗಳ ನಿಯಂತ್ರಣಾಧಿಕಾರಿ ಕಚೇರಿಯಲ್ಲಿ ಕೀಟ ಸಂಗ್ರಹಕಾರ ಹುದ್ದೆಗೆ ಅರ್ಜಿ ಆಹ್ವಾನಿಸಲಾಗಿದೆ. ಕೀಟ ಸಂಗ್ರಹಕಾರ ಹುದ್ದೆಗೆ ದ್ವಿತೀಯ ಪಿಯುಸಿಯಲ್ಲಿ ವಿಜ್ಞಾನ ವಿಭಾಗದಲ್ಲಿ ಉತ್ತೀರ್ಣರಾಗಿರಬೇಕು. ಆಯ್ಕೆಯಾದವರಿಗೆ ಮಾಸಿಕ 16,575 ರೂ.ಗಳ ಸಂಚಿತ ವೇತನ ನೀಡಲಾಗುವುದು. ಆರೋಗ್ಯ ಇಲಾಖೆಯ ಶುಶ್ರೂಷಕಿ ಹುದ್ದೆಗೆ ಜಿ.ಎನ್.ಎಂ/ಬಿ.ಎಸ್ಸಿ ನರ್ಸಿಂಗ್ ವಿದ್ಯಾರ್ಹತೆ ಹೊಂದಿರಬೇಕು. ಆಯ್ಕೆಯಾದವರಿಗೆ ಮಾಸಿಕ 22,000 ರೂ.ಗಳ ಸಂಚಿತ ವೇತನ ನೀಡಲಾಗುವುದು. ಅಭ್ಯರ್ಥಿಗಳ ಗರಿಷ್ಠ ವಯೋಮಿತಿ 40 ವರ್ಷ ಮೀರಿರಬಾರದು. ಅರ್ಹ ಅಭ್ಯರ್ಥಿಗಳು ಅಗತ್ಯ ದಾಖಲೆಗಳೊಂದಿಗೆ ಸಂದರ್ಶನಕ್ಕೆ ಹಾಜರಾಗಬಹುದಾಗಿದೆ.
ಸೇವೆಯೊಂದಿಗೆ ಕನ್ನಡ ಉಳಿಸಿ ಅಭಿಯಾನ: ಶ್ಲಾಘನೀಯ
ತುರುವೇಕೆರೆ: ಪ್ರತಿಯೊಬ್ಬರೂ ತನ್ನ ಕೈಲಾದ ಸೇವೆ ಮಾಡುತ್ತಾ ಮಾನವೀಯತೆಯನ್ನು ಮೆರೆಯೋಣ ಎಂದು ಜಿಲ್ಲಾ ರಾಜ್ಯಪಾಲರು ರೋ.ಬಿ.ಶಿವನ್ ಚೌಧುರಿ ತಿಳಿಸಿದರು. ಪಟ್ಟಣದ ಶ್ರೀ ಸತ್ಯಗಣಪತಿ ಸಮುದಾಯ ಭವನದಲ್ಲಿ ಹಮ್ಮಿಕೊಳ್ಳಲಾಗಿದ್ದ ರೋಟರಿ ಕ್ಲಬ್ ನೂತನ ಅಧ್ಯಕ್ಷ ಮತ್ತು ಪದಾಧಿಕಾರಿಗಳ ಪದಗ್ರಹಣ ಕಾರ್ಯಕ್ರಮದಲ್ಲಿ ಮಾತನಾಡಿದ ಅವರು ರೋಟರಿ ಸಂಸ್ಥೆಯು ಸೇವಾ ಕ್ಷೇತ್ರದಲ್ಲಿ ಅನೇಕ ಕಾರ್ಯಕ್ರಮಗಳನ್ನು ಕೈಗೊಳ್ಳಲಾಗುತ್ತಿದೆ. ಈ ಸಾಲಿನ ಸೇವಾ ಕಾರ್ಯಗಳ ಜೊತೆ ಕನ್ನಡ ಉಳಿಸಿ ಬೆಳೆಸಿ ಅಭಿಯಾನವನ್ನು ಹಮ್ಮಿಕೊಂಡಿರುವುದು ಶ್ಲಾಘನೀಯ. ಕನ್ನಡ ಭಾಷೆ ಉಳಿಯಬೇಕಾದರೆ ನಾವೆಲ್ಲರೂ ಕನ್ನಡದಲ್ಲಿಯೇ ವ್ಯವಹರಿಸಬೇಕು. ಕನ್ನಡ ಶಾಲೆಗಳನ್ನು ಉಳಿಸಿ ಬೆಳೆಸುವ ಕೆಲಸ ಆಗಬೇಕು ಎಂದರು. ಕನ್ನಡ ಭಾಷೆ ನಮ್ಮ ಅಸ್ಮಿತೆ.
ಪ್ರೇಮವನ್ನು ಮರೆಯಬಾರದು ನಾನು ಹುಟ್ಟಿ ಬೆಳೆದ ನಾಡು ಅದು ನನ್ನ ಕರುನಾಡು ನನ್ನ ಕನ್ನಡ ಎಂಬ ಅಭಿಮಾನ ಬೆಳೆಸಿಕೊಳ್ಳಬೇಕು. ಪ್ರತಿ ಮನೆಯಲ್ಲಿ ಕನ್ನಡ ಪ್ರತಿ ಮನ ಮನದಲ್ಲಿ ಕನ್ನಡ ರಾರಾಜಿಸಬೇಕು ಎಂದರು. ನೂತನ ಅಧ್ಯಕ್ಷರಾಗಿ ಅಧಿಕಾರ ವಹಿಸಿಕೊಂಡ ಮಾತನಾಡಿ, ಸೇವೆ ಮತ್ತು ಕನ್ನಡ ಎರಡೂ ನಮ್ಮ ಉದ್ದೇಶ. ರೋಟರಿ ಕ್ಲಬ್ ಉತ್ತಮ ಸೇವಾ ಕಾರ್ಯಗಳನ್ನು ಕೈಗೊಳ್ಳುತ್ತಿದೆ.
ಶಕ್ತಿ ಹೆಚ್ಚು ಸೇವಾ ಕಾರ್ಯಗಳನ್ನು ನೆರವೇರಲಿ. ನೂತನ ಅಧ್ಯಕ್ಷ ಉಮೇಶ್ ತಂಡ ಇಂದು ಹಲವು ಸೇವಾ ಕಾರ್ಯಗಳನ್ನು ಕೈಗೊಂಡಿದೆ. ಮುಂದೆಯೂ ಉತ್ತಮ ಸೇವಾ ಕಾರ್ಯಕ್ರಮ ಮಾಡಲಿ ಎಂದು ಶುಭ ಹಾರೈಸಿದರು. ನೂತನ ರೋಟರಿ ಅಧ್ಯಕ್ಷ ವಿ.ಆರ್.ಉಮೇಶ್ ಮಾತನಾಡಿ, ನಾನು 11ವರ್ಷದ ಸೇವಾ ಅನುಭವದೊಂದಿಗೆ 11 ಸೇವಾ ಕಾರ್ಯಕ್ರಮಗಳನ್ನು ಮಾಡಲಿದ್ದೇನೆ. ಸೇವೆಗೆ ಸಹಕಾರ ನೀಡುವಂತೆ ಮನವಿ ಮಾಡಿದರು.
ಈ ಸಂದರ್ಭದಲ್ಲಿ ಪಿ.ಹ.ಸೀರ ಕಾರ್ಯದರ್ಶಿಗಳಾಗಿ ಚೇತನ್ ವಿಶ್ವನಾಥ್, ಬಿ.ಶಿವಕುಮಾರ್ ಮಿಷನ್ ವಿಶ್ವನಾಥ್, ಬಾಡಿ ಜೀವಂತ್, ಹಾಗೂ ಕುಮಾರ್ ಅಲ್ಲದೇ ವಿದ್ಯಾರ್ಥಿಗಳಿಗೆ ನೋಟ್ ಬುಕ್, ಎಸ್.ಎಸ್.ಎಲ್.ಸಿ ಪರೀಕ್ಷೆಯಲ್ಲಿ ತಾಲ್ಲೂಕಿಗೆ ಪ್ರಥಮ ಸ್ಥಾನ ಪಡೆದ ಸರ್ಕಾರಿ ಶಾಲೆಯ ವಿದ್ಯಾರ್ಥಿಗಳನ್ನು ಸನ್ಮಾನಿಸಲಾಯಿತು. ಜಿಲ್ಲಾ ಕಾರ್ಯದರ್ಶಿ ಮತ್ತು ಜಿಲ್ಲಾ ಸಹಾಯಕ ರಾಜ್ಯಪಾಲರು, ರೋಟರಿ ಸಂಸ್ಥೆಯ ಹಿರಿಯ ಸದಸ್ಯರು, ಪದಾಧಿಕಾರಿಗಳು ಹಾಗೂ ಪಟ್ಟಣದ ಗಣ್ಯರು ಉಪಸ್ಥಿತರಿದ್ದರು. ನೂತನ ಸದಸ್ಯರನ್ನು ಸೇರ್ಪಡೆ ಮಾಡಿಕೊಳ್ಳಲಾಯಿತು. ಕಾರ್ಯಕ್ರಮದಲ್ಲಿ ಹಲವಾರು ಸೇವಾ ಕಾರ್ಯಗಳನ್ನು ಪ್ರಕಟಿಸಲಾಯಿತು. ನಿಕಟಪೂರ್ವ ಅಧ್ಯಕ್ಷ ಸೇರಿದಂತೆ ರೋಟರಿ ಸದಸ್ಯರು ಭಾಗವಹಿಸಿದ್ದರು.
Printed by: H.S. PARAMESH,7th Cross, Srirama Nagara, Tumakuru-572101,Tumakuru Dist. Karnataka, Published & Owned by: RAGHU A.N,New Extension, Arakere post, Tumakuru-572106, Printed at : SRI LAKSHMI NARASIMHA OFFSET PRINTERS,7th Cross,
Srirama Nagara, Tumakuru-572101,Tumakuru Dist. Karnataka. Published at : At New Extension, Arakere post, Tumakuru -572106, Tumakuru Dist, Karnataka. Editor : RAGHU A.N,New Extension, Arakere post, Tumakuru -572106, Tumakuru Dist, Karnataka.
